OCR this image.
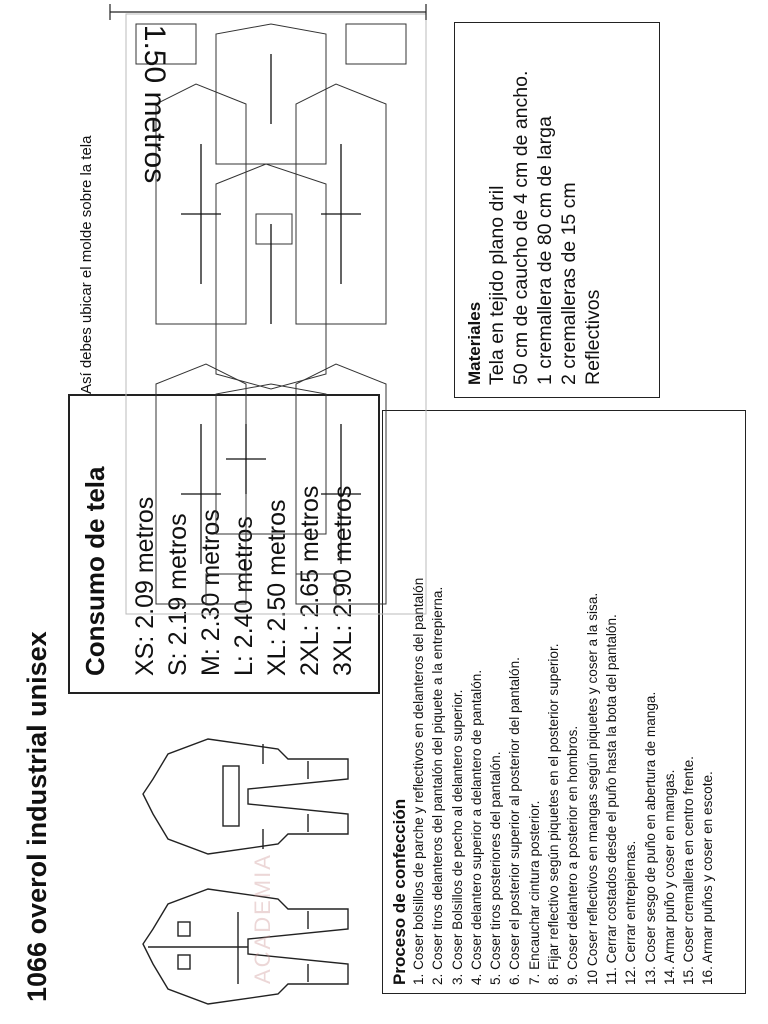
1066 overol industrial unisex
Consumo de tela XS: 2.09 metros S: 2.19 metros M: 2.30 metros L: 2.40 metros XL: 2.50 metros 2XL: 2.65 metros 3XL: 2.90 metros
Proceso de confección 1. Coser bolsillos de parche y reflectivos en delanteros del pantalón 2. Coser tiros delanteros del pantalón del piquete a la entrepierna. 3. Coser Bolsillos de pecho al delantero superior. 4. Coser delantero superior a delantero de pantalón. 5. Coser tiros posteriores del pantalón. 6. Coser el posterior superior al posterior del pantalón. 7. Encauchar cintura posterior. 8. Fijar reflectivo según piquetes en el posterior superior. 9. Coser delantero a posterior en hombros. 10 Coser reflectivos en mangas según piquetes y coser a la sisa. 11. Cerrar costados desde el puño hasta la bota del pantalón. 12. Cerrar entrepiernas. 13. Coser sesgo de puño en abertura de manga. 14. Armar puño y coser en mangas. 15. Coser cremallera en centro frente. 16. Armar puños y coser en escote.
Así debes ubicar el molde sobre la tela
1.50 metros
Materiales Tela en tejido plano dril 50 cm de caucho de 4 cm de ancho. 1 cremallera de 80 cm de larga 2 cremalleras de 15 cm Reflectivos
ACADEMIA
